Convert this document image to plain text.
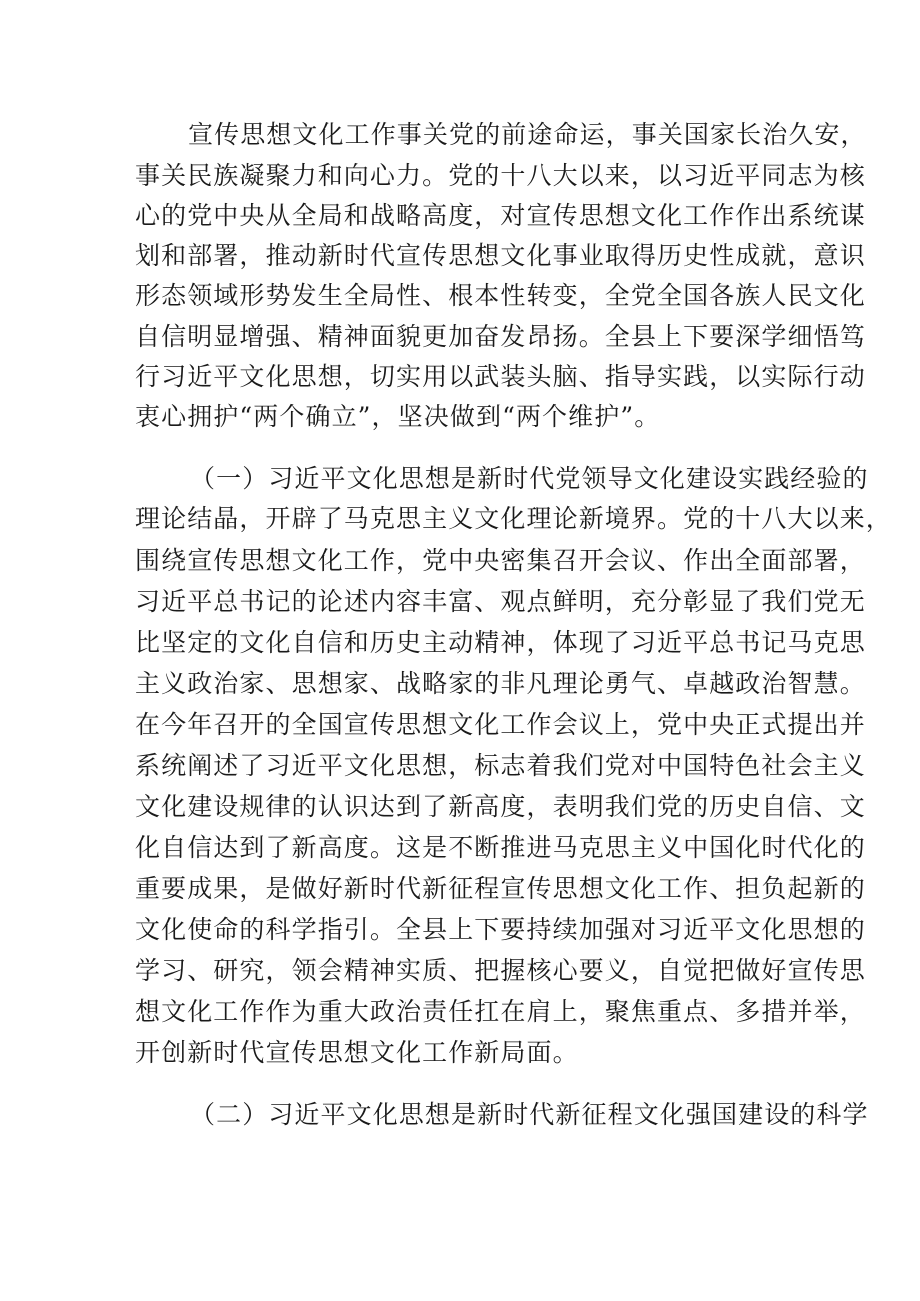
宣传思想文化工作事关党的前途命运，事关国家长治久安，
事关民族凝聚力和向心力。党的十八大以来，以习近平同志为核
心的党中央从全局和战略高度，对宣传思想文化工作作出系统谋
划和部署，推动新时代宣传思想文化事业取得历史性成就，意识
形态领域形势发生全局性、根本性转变，全党全国各族人民文化
自信明显增强、精神面貌更加奋发昂扬。全县上下要深学细悟笃
行习近平文化思想，切实用以武装头脑、指导实践，以实际行动
衷心拥护“两个确立”，坚决做到“两个维护”。
（一）习近平文化思想是新时代党领导文化建设实践经验的
理论结晶，开辟了马克思主义文化理论新境界。党的十八大以来，
围绕宣传思想文化工作，党中央密集召开会议、作出全面部署，
习近平总书记的论述内容丰富、观点鲜明，充分彰显了我们党无
比坚定的文化自信和历史主动精神，体现了习近平总书记马克思
主义政治家、思想家、战略家的非凡理论勇气、卓越政治智慧。
在今年召开的全国宣传思想文化工作会议上，党中央正式提出并
系统阐述了习近平文化思想，标志着我们党对中国特色社会主义
文化建设规律的认识达到了新高度，表明我们党的历史自信、文
化自信达到了新高度。这是不断推进马克思主义中国化时代化的
重要成果，是做好新时代新征程宣传思想文化工作、担负起新的
文化使命的科学指引。全县上下要持续加强对习近平文化思想的
学习、研究，领会精神实质、把握核心要义，自觉把做好宣传思
想文化工作作为重大政治责任扛在肩上，聚焦重点、多措并举，
开创新时代宣传思想文化工作新局面。
（二）习近平文化思想是新时代新征程文化强国建设的科学
